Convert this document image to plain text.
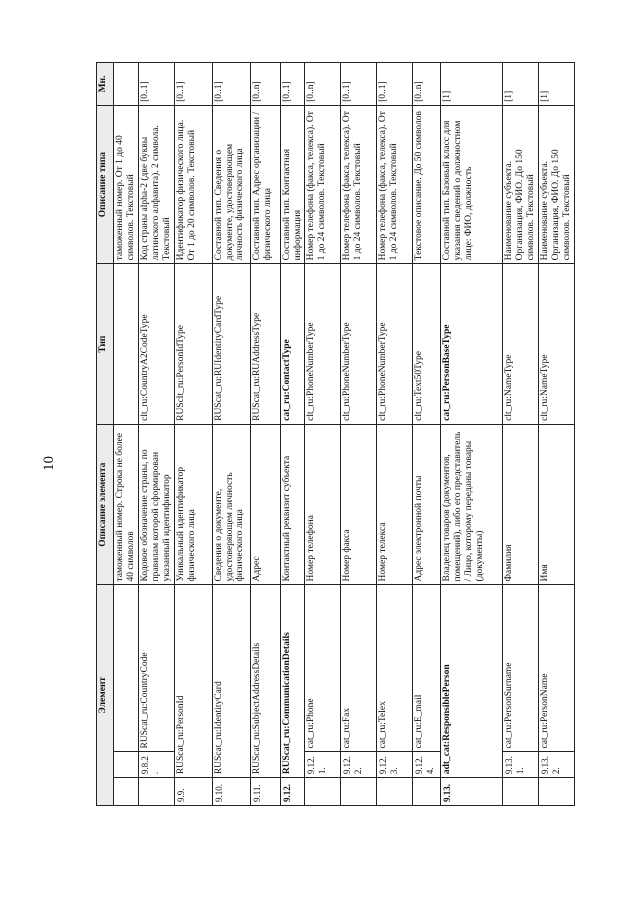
10
Элемент			Описание элемента	Тип	Описание типа	Мн.
			таможенный номер. Строка не более 40 символов		таможенный номер. От 1 до 40 символов. Текстовый	
	9.8.2.	RUScat_ru:CountryCode	Кодовое обозначение страны, по правилам которой сформирован указанный идентификатор	clt_ru:CountryA2CodeType	Код страны alpha-2 (две буквы латинского алфавита). 2 символа. Текстовый	[0..1]
9.9.	RUScat_ru:PersonId		Уникальный идентификатор физического лица	RUSclt_ru:PersonIdType	Идентификатор физического лица. От 1 до 20 символов. Текстовый	[0..1]
9.10.	RUScat_ru:IdentityCard		Сведения о документе, удостоверяющем личность физического лица	RUScat_ru:RUIdentityCardType	Составной тип. Сведения о документе, удостоверяющем личность физического лица	[0..1]
9.11.	RUScat_ru:SubjectAddressDetails		Адрес	RUScat_ru:RUAddressType	Составной тип. Адрес организации / физического лица	[0..n]
9.12.	RUScat_ru:CommunicationDetails		Контактный реквизит субъекта	cat_ru:ContactType	Составной тип. Контактная информация	[0..1]
	9.12.1.	cat_ru:Phone	Номер телефона	clt_ru:PhoneNumberType	Номер телефона (факса, телекса). От 1 до 24 символов. Текстовый	[0..n]
	9.12.2.	cat_ru:Fax	Номер факса	clt_ru:PhoneNumberType	Номер телефона (факса, телекса). От 1 до 24 символов. Текстовый	[0..1]
	9.12.3.	cat_ru:Telex	Номер телекса	clt_ru:PhoneNumberType	Номер телефона (факса, телекса). От 1 до 24 символов. Текстовый	[0..1]
	9.12.4.	cat_ru:E_mail	Адрес электронной почты	clt_ru:Text50Type	Текстовое описание. До 50 символов	[0..n]
9.13.	adt_cat:ResponsiblePerson		Владелец товаров (документов, помещений), либо его представитель / Лицо, которому переданы товары (документы)	cat_ru:PersonBaseType	Составной тип. Базовый класс для указания сведений о должностном лице: ФИО, должность	[1]
	9.13.1.	cat_ru:PersonSurname	Фамилия	clt_ru:NameType	Наименование субъекта. Организация, ФИО. До 150 символов. Текстовый	[1]
	9.13.2.	cat_ru:PersonName	Имя	clt_ru:NameType	Наименование субъекта. Организация, ФИО. До 150 символов. Текстовый	[1]
